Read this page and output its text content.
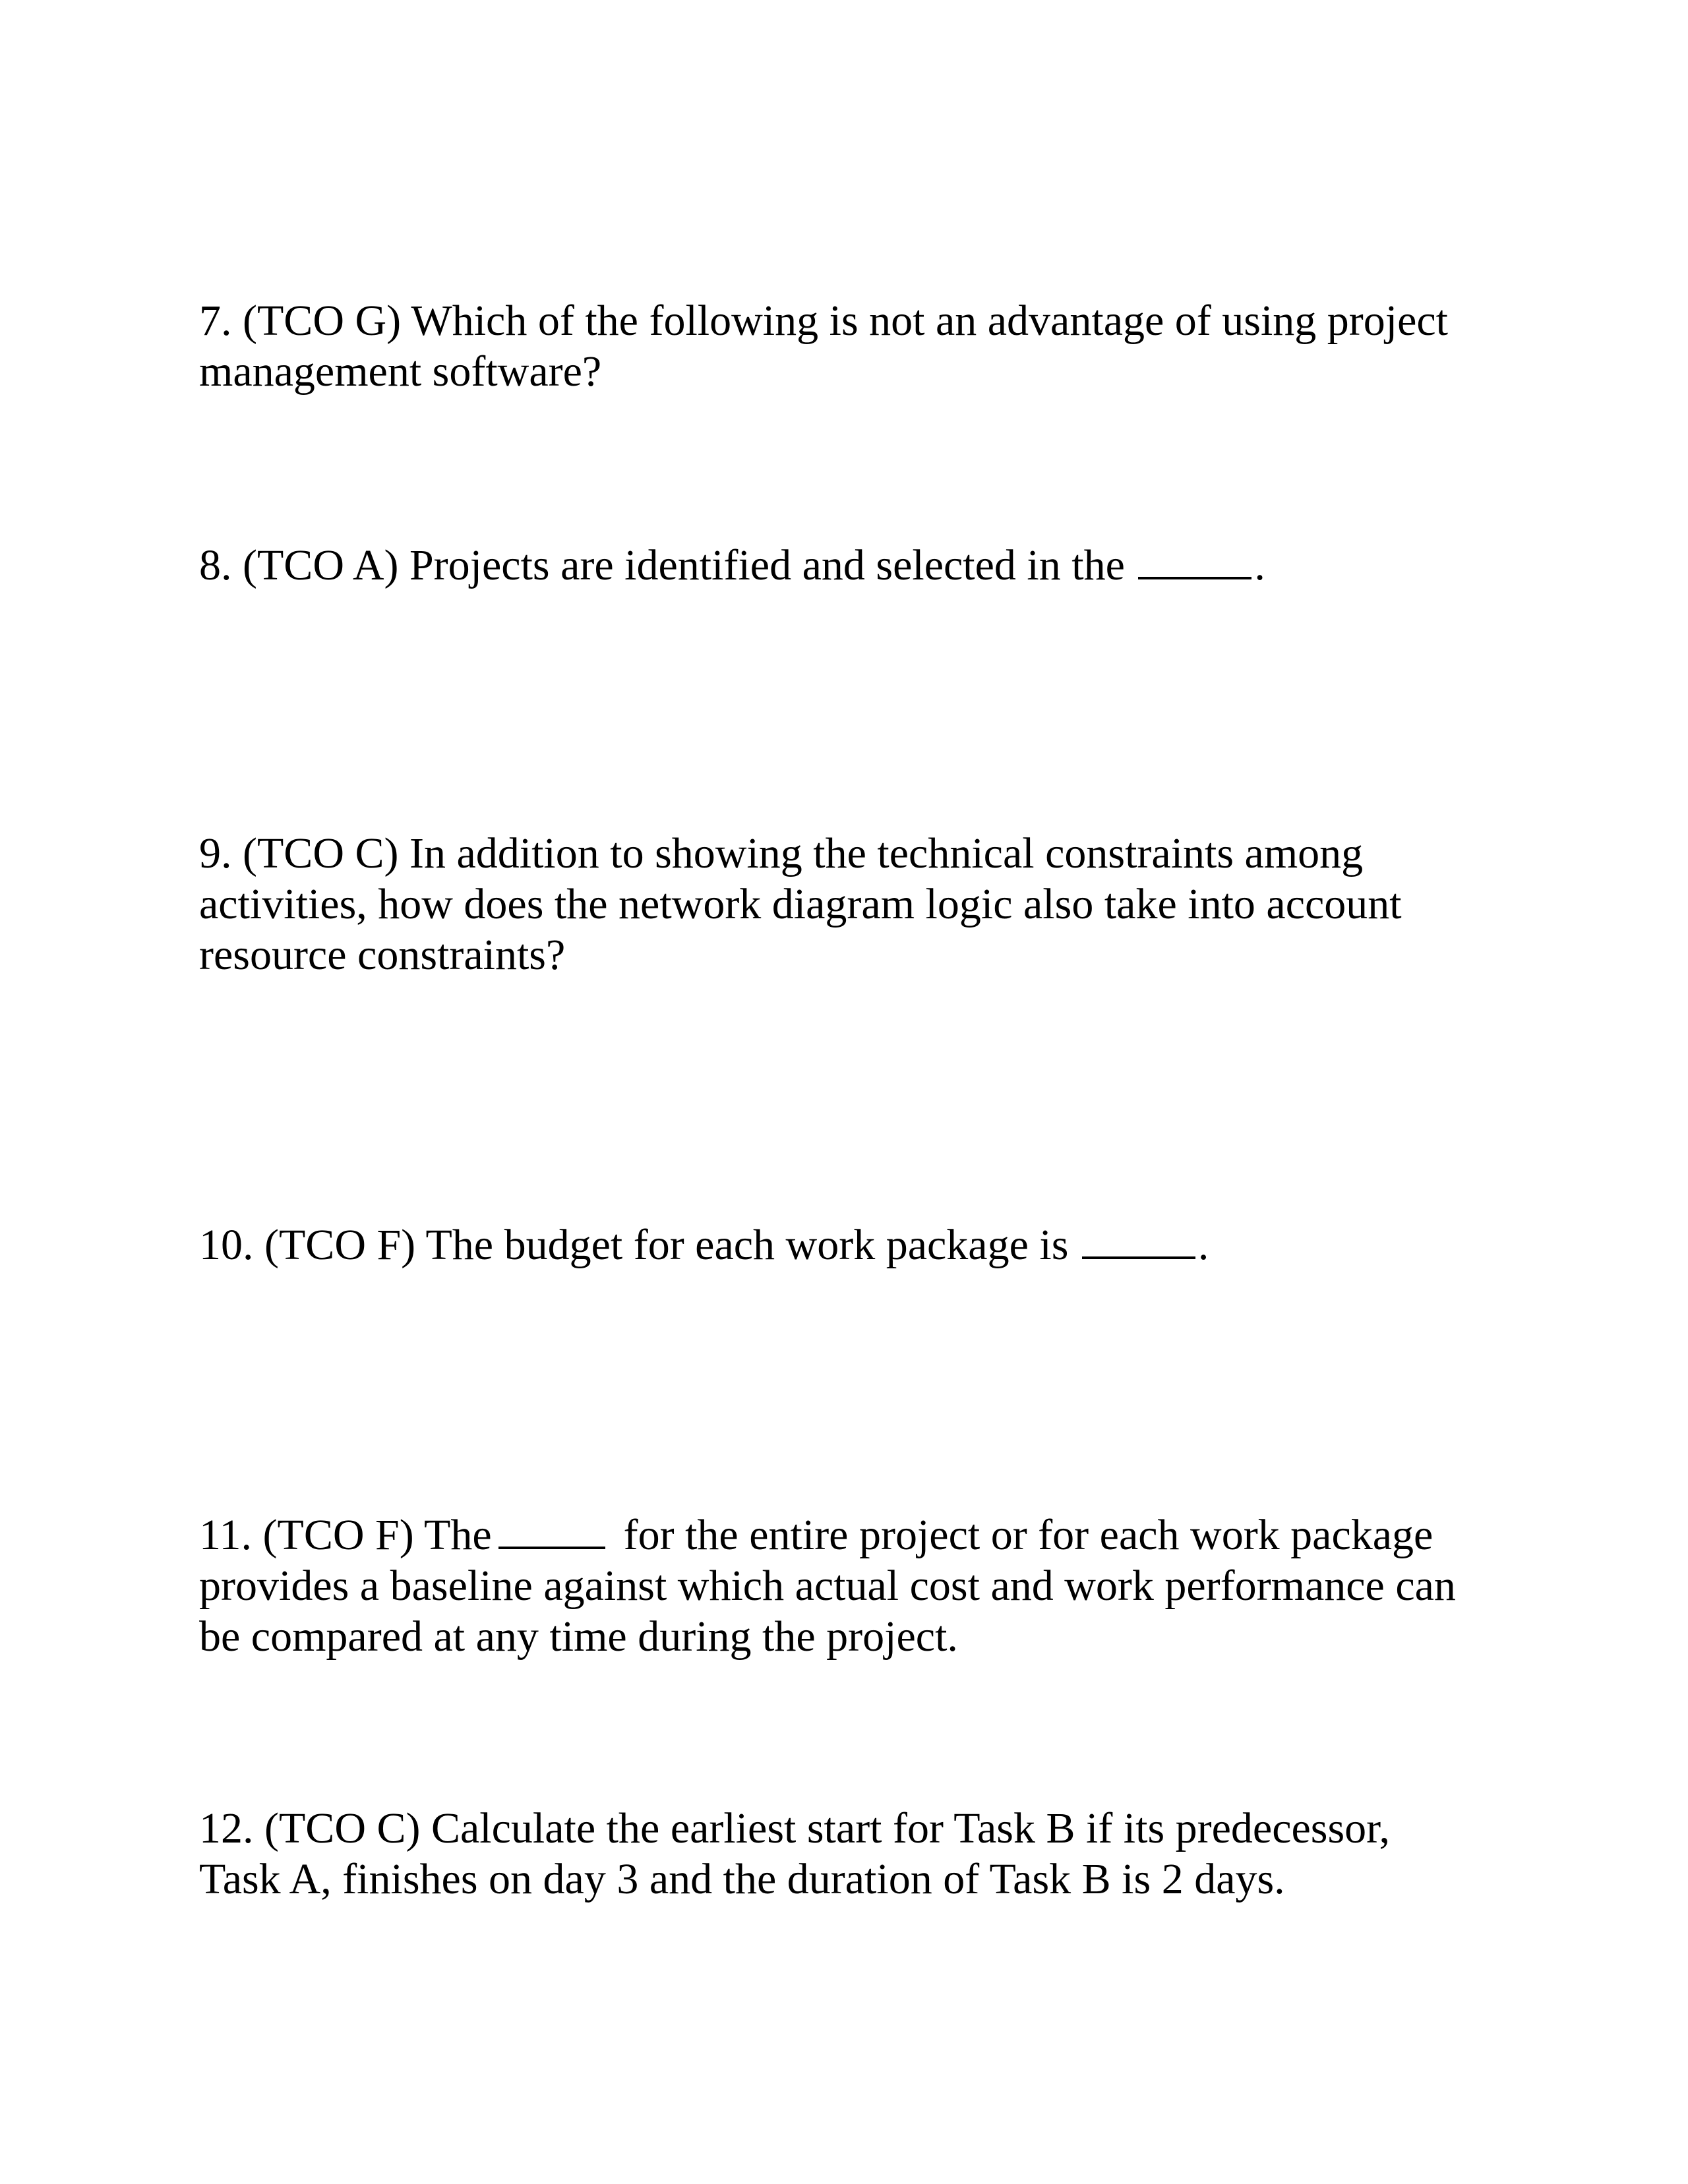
7. (TCO G) Which of the following is not an advantage of using project
management software?

8. (TCO A) Projects are identified and selected in the	.

9. (TCO C) In addition to showing the technical constraints among
activities, how does the network diagram logic also take into account
resource constraints?

10. (TCO F) The budget for each work package is	.

11. (TCO F) The	for the entire project or for each work package
provides a baseline against which actual cost and work performance can
be compared at any time during the project.

12. (TCO C) Calculate the earliest start for Task B if its predecessor,
Task A, finishes on day 3 and the duration of Task B is 2 days.
